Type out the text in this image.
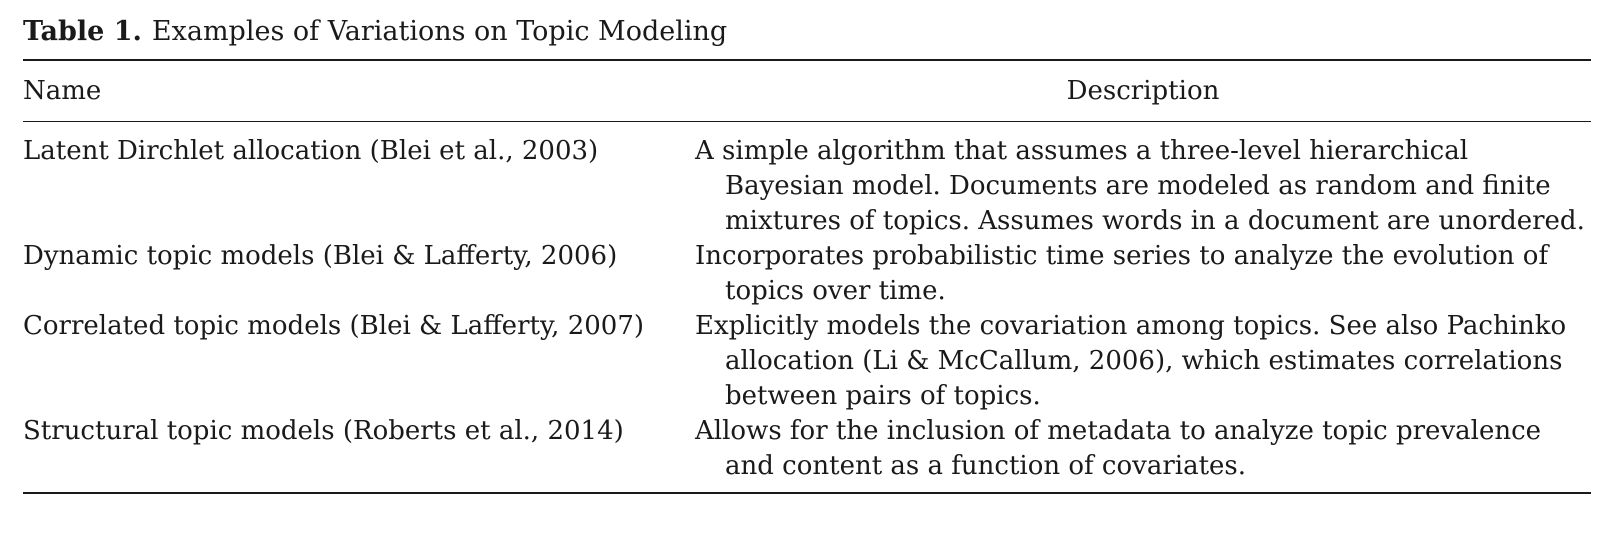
Table 1. Examples of Variations on Topic Modeling
Name	Description
Latent Dirchlet allocation (Blei et al., 2003)	A simple algorithm that assumes a three-level hierarchical Bayesian model. Documents are modeled as random and finite mixtures of topics. Assumes words in a document are unordered.
Dynamic topic models (Blei & Lafferty, 2006)	Incorporates probabilistic time series to analyze the evolution of topics over time.
Correlated topic models (Blei & Lafferty, 2007)	Explicitly models the covariation among topics. See also Pachinko allocation (Li & McCallum, 2006), which estimates correlations between pairs of topics.
Structural topic models (Roberts et al., 2014)	Allows for the inclusion of metadata to analyze topic prevalence and content as a function of covariates.
